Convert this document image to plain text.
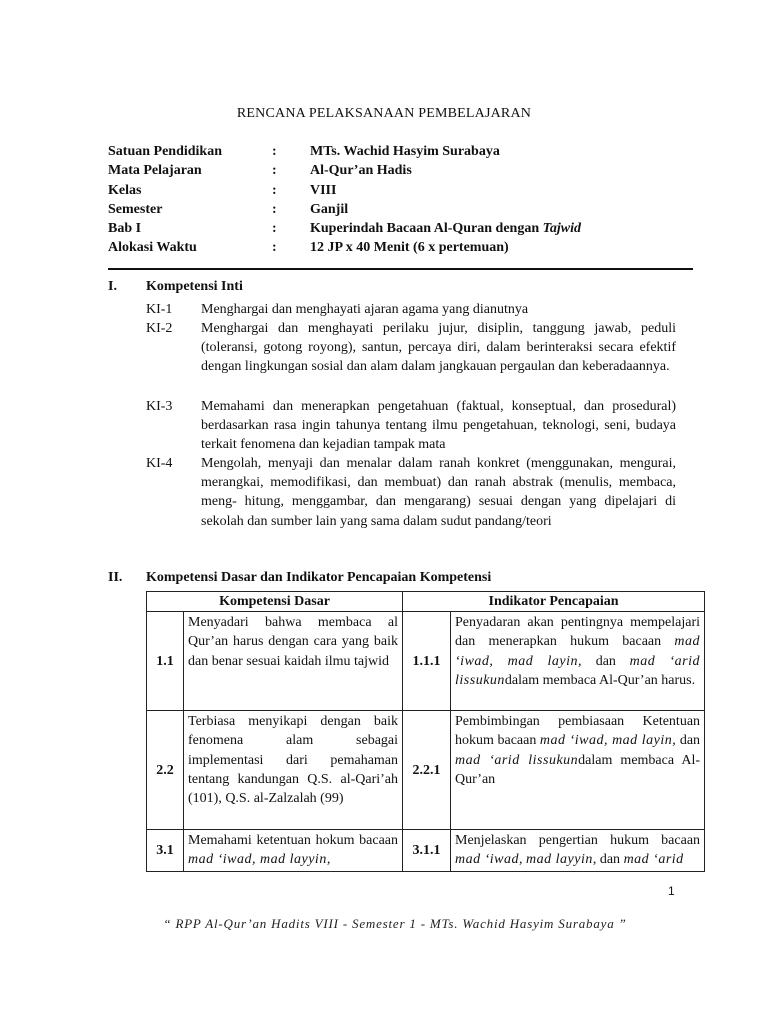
RENCANA PELAKSANAAN PEMBELAJARAN
Satuan Pendidikan	:	MTs. Wachid Hasyim Surabaya
Mata Pelajaran	:	Al-Qur’an Hadis
Kelas	:	VIII
Semester	:	Ganjil
Bab I	:	Kuperindah Bacaan Al-Quran dengan Tajwid
Alokasi Waktu	:	12 JP x 40 Menit (6 x pertemuan)
I. Kompetensi Inti
KI-1 Menghargai dan menghayati ajaran agama yang dianutnya
KI-2 Menghargai dan menghayati perilaku jujur, disiplin, tanggung jawab, peduli (toleransi, gotong royong), santun, percaya diri, dalam berinteraksi secara efektif dengan lingkungan sosial dan alam dalam jangkauan pergaulan dan keberadaannya.
KI-3 Memahami dan menerapkan pengetahuan (faktual, konseptual, dan prosedural) berdasarkan rasa ingin tahunya tentang ilmu pengetahuan, teknologi, seni, budaya terkait fenomena dan kejadian tampak mata
KI-4 Mengolah, menyaji dan menalar dalam ranah konkret (menggunakan, mengurai, merangkai, memodifikasi, dan membuat) dan ranah abstrak (menulis, membaca, meng- hitung, menggambar, dan mengarang) sesuai dengan yang dipelajari di sekolah dan sumber lain yang sama dalam sudut pandang/teori
II. Kompetensi Dasar dan Indikator Pencapaian Kompetensi
Kompetensi Dasar		Indikator Pencapaian	
1.1	Menyadari bahwa membaca al Qur’an harus dengan cara yang baik dan benar sesuai kaidah ilmu tajwid	1.1.1	Penyadaran akan pentingnya mempelajari dan menerapkan hukum bacaan mad ‘iwad, mad layin, dan mad ‘arid lissukundalam membaca Al-Qur’an harus.
2.2	Terbiasa menyikapi dengan baik fenomena alam sebagai implementasi dari pemahaman tentang kandungan Q.S. al-Qari’ah (101), Q.S. al-Zalzalah (99)	2.2.1	Pembimbingan pembiasaan Ketentuan hokum bacaan mad ‘iwad, mad layin, dan mad ‘arid lissukundalam membaca Al-Qur’an
3.1	Memahami ketentuan hokum bacaan mad ‘iwad, mad layyin,	3.1.1	Menjelaskan pengertian hukum bacaan mad ‘iwad, mad layyin, dan mad ‘arid
1
“ RPP Al-Qur’an Hadits VIII - Semester 1 - MTs. Wachid Hasyim Surabaya ”
